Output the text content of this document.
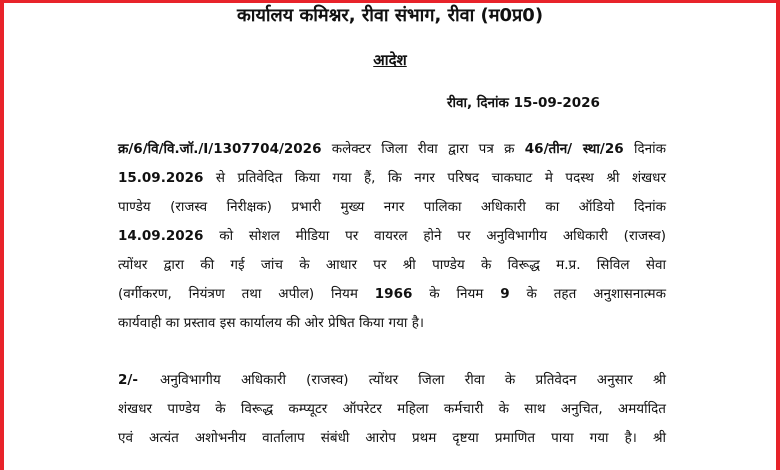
कार्यालय कमिश्नर, रीवा संभाग, रीवा (म0प्र0)
आदेश
रीवा, दिनांक 15-09-2026
क्र/6/वि/वि.जॉ./I/1307704/2026 कलेक्टर जिला रीवा द्वारा पत्र क्र 46/तीन/ स्था/26 दिनांक
15.09.2026 से प्रतिवेदित किया गया हैं, कि नगर परिषद चाकघाट मे पदस्थ श्री शंखधर
पाण्डेय (राजस्व निरीक्षक) प्रभारी मुख्य नगर पालिका अधिकारी का ऑडियो दिनांक
14.09.2026 को सोशल मीडिया पर वायरल होने पर अनुविभागीय अधिकारी (राजस्व)
त्योंथर द्वारा की गई जांच के आधार पर श्री पाण्डेय के विरूद्ध म.प्र. सिविल सेवा
(वर्गीकरण, नियंत्रण तथा अपील) नियम 1966 के नियम 9 के तहत अनुशासनात्मक
कार्यवाही का प्रस्ताव इस कार्यालय की ओर प्रेषित किया गया है।
2/- अनुविभागीय अधिकारी (राजस्व) त्योंथर जिला रीवा के प्रतिवेदन अनुसार श्री
शंखधर पाण्डेय के विरूद्ध कम्प्यूटर ऑपरेटर महिला कर्मचारी के साथ अनुचित, अमर्यादित
एवं अत्यंत अशोभनीय वार्तालाप संबंधी आरोप प्रथम दृष्टया प्रमाणित पाया गया है। श्री
